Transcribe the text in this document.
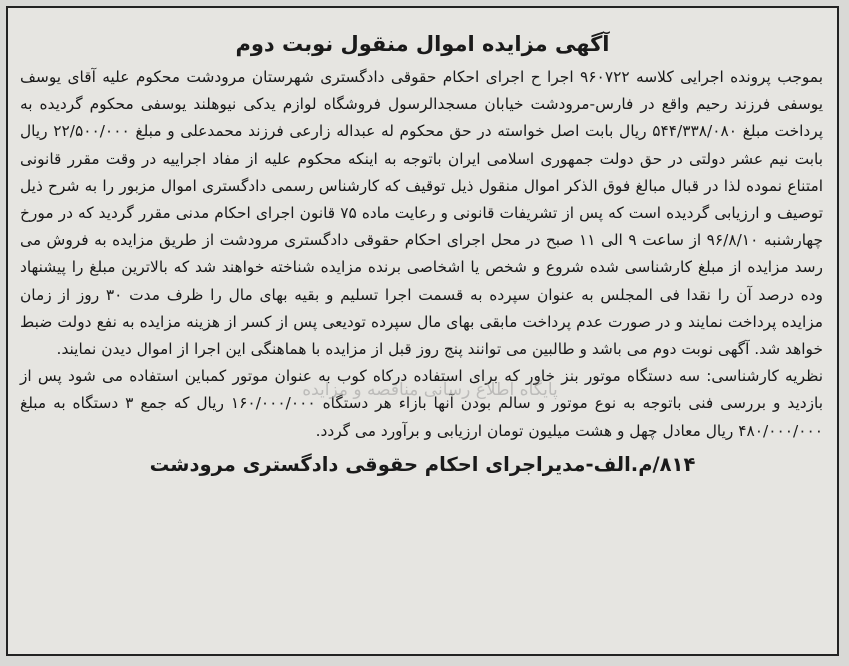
آگهی مزایده اموال منقول نوبت دوم

بموجب پرونده اجرایی کلاسه ۹۶۰۷۲۲ اجرا ح اجرای احکام حقوقی دادگستری شهرستان مرودشت محکوم علیه آقای یوسف یوسفی فرزند رحیم واقع در فارس-مرودشت خیابان مسجدالرسول فروشگاه لوازم یدکی نیوهلند یوسفی محکوم گردیده به پرداخت مبلغ ۵۴۴/۳۳۸/۰۸۰ ریال بابت اصل خواسته در حق محکوم له عبداله زارعی فرزند محمدعلی و مبلغ ۲۲/۵۰۰/۰۰۰ ریال بابت نیم عشر دولتی در حق دولت جمهوری اسلامی ایران باتوجه به اینکه محکوم علیه از مفاد اجراییه در وقت مقرر قانونی امتناع نموده لذا در قبال مبالغ فوق الذکر اموال منقول ذیل توقیف که کارشناس رسمی دادگستری اموال مزبور را به شرح ذیل توصیف و ارزیابی گردیده است که پس از تشریفات قانونی و رعایت ماده ۷۵ قانون اجرای احکام مدنی مقرر گردید که در مورخ چهارشنبه ۹۶/۸/۱۰ از ساعت ۹ الی ۱۱ صبح در محل اجرای احکام حقوقی دادگستری مرودشت از طریق مزایده به فروش می رسد مزایده از مبلغ کارشناسی شده شروع و شخص یا اشخاصی برنده مزایده شناخته خواهند شد که بالاترین مبلغ را پیشنهاد وده درصد آن را نقدا فی المجلس به عنوان سپرده به قسمت اجرا تسلیم و بقیه بهای مال را ظرف مدت ۳۰ روز از زمان مزایده پرداخت نمایند و در صورت عدم پرداخت مابقی بهای مال سپرده تودیعی پس از کسر از هزینه مزایده به نفع دولت ضبط خواهد شد. آگهی نوبت دوم می باشد و طالبین می توانند پنج روز قبل از مزایده با هماهنگی این اجرا از اموال دیدن نمایند.

نظریه کارشناسی: سه دستگاه موتور بنز خاور که برای استفاده درکاه کوب به عنوان موتور کمباین استفاده می شود پس از بازدید و بررسی فنی باتوجه به نوع موتور و سالم بودن آنها بازاء هر دستگاه ۱۶۰/۰۰۰/۰۰۰ ریال که جمع ۳ دستگاه به مبلغ ۴۸۰/۰۰۰/۰۰۰ ریال معادل چهل و هشت میلیون تومان ارزیابی و برآورد می گردد.

۸۱۴/م.الف-مدیراجرای احکام حقوقی دادگستری مرودشت
پایگاه اطلاع رسانی مناقصه و مزایده
